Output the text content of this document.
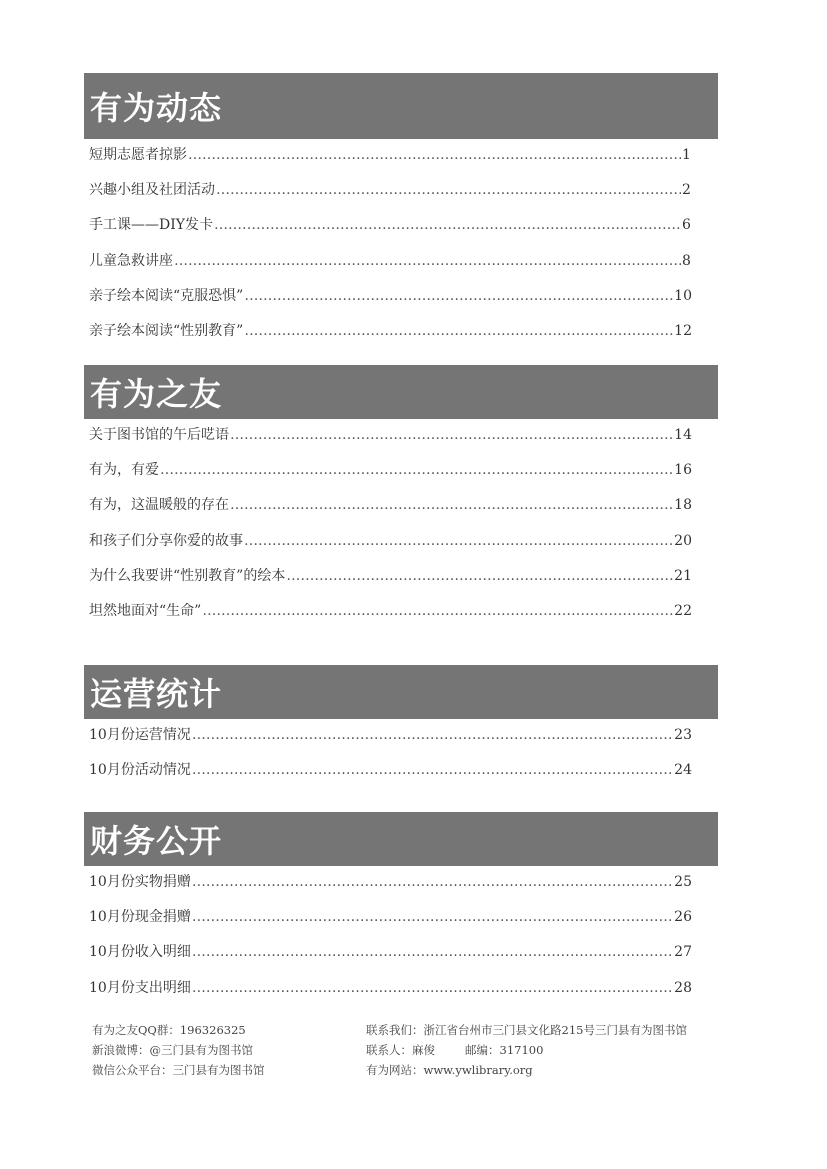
有为动态
短期志愿者掠影 ……………………………………………………………………………………………………………………………………………………………………………………	1
兴趣小组及社团活动 ……………………………………………………………………………………………………………………………………………………………………………………	2
手工课——DIY发卡 ……………………………………………………………………………………………………………………………………………………………………………………	6
儿童急救讲座 ……………………………………………………………………………………………………………………………………………………………………………………	8
亲子绘本阅读“克服恐惧” ……………………………………………………………………………………………………………………………………………………………………………………	10
亲子绘本阅读“性别教育” ……………………………………………………………………………………………………………………………………………………………………………………	12
有为之友
关于图书馆的午后呓语 ……………………………………………………………………………………………………………………………………………………………………………………	14
有为，有爱 ……………………………………………………………………………………………………………………………………………………………………………………	16
有为，这温暖般的存在 ……………………………………………………………………………………………………………………………………………………………………………………	18
和孩子们分享你爱的故事 ……………………………………………………………………………………………………………………………………………………………………………………	20
为什么我要讲“性别教育”的绘本 ……………………………………………………………………………………………………………………………………………………………………………………	21
坦然地面对“生命” ……………………………………………………………………………………………………………………………………………………………………………………	22
运营统计
10月份运营情况 ……………………………………………………………………………………………………………………………………………………………………………………	23
10月份活动情况 ……………………………………………………………………………………………………………………………………………………………………………………	24
财务公开
10月份实物捐赠 ……………………………………………………………………………………………………………………………………………………………………………………	25
10月份现金捐赠 ……………………………………………………………………………………………………………………………………………………………………………………	26
10月份收入明细 ……………………………………………………………………………………………………………………………………………………………………………………	27
10月份支出明细 ……………………………………………………………………………………………………………………………………………………………………………………	28
有为之友QQ群：196326325	联系我们：浙江省台州市三门县文化路215号三门县有为图书馆
新浪微博：@三门县有为图书馆	联系人：麻俊	邮编：317100
微信公众平台：三门县有为图书馆	有为网站：www.ywlibrary.org
